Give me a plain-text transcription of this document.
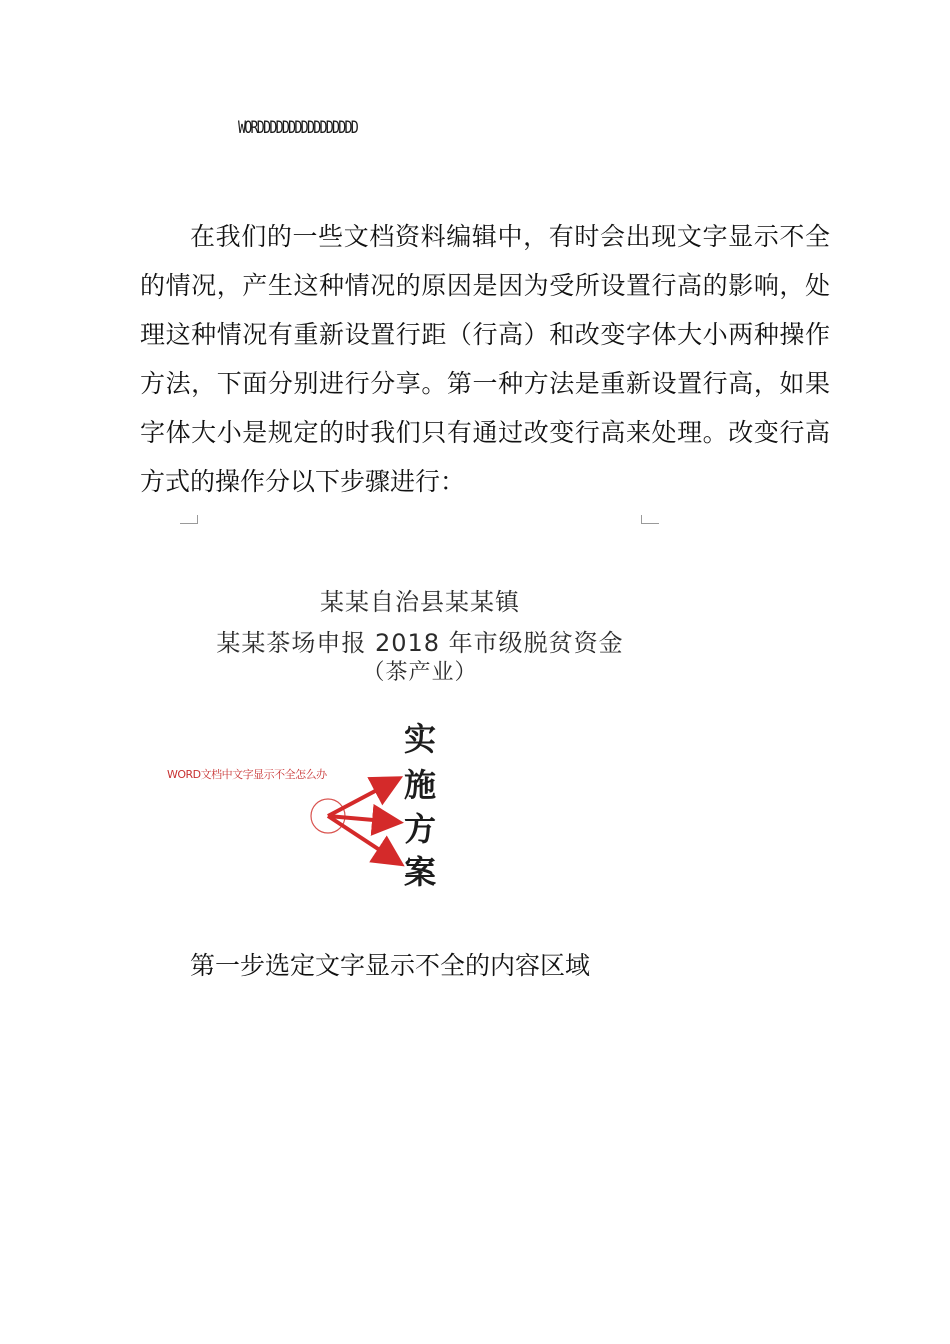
WORDDDDDDDDDDDDDDDD

在我们的一些文档资料编辑中，有时会出现文字显示不全的情况，产生这种情况的原因是因为受所设置行高的影响，处理这种情况有重新设置行距（行高）和改变字体大小两种操作方法，下面分别进行分享。第一种方法是重新设置行高，如果字体大小是规定的时我们只有通过改变行高来处理。改变行高方式的操作分以下步骤进行：

某某自治县某某镇
某某茶场申报 2018 年市级脱贫资金
（茶产业）
实
施
方
案
WORD文档中文字显示不全怎么办
第一步选定文字显示不全的内容区域
